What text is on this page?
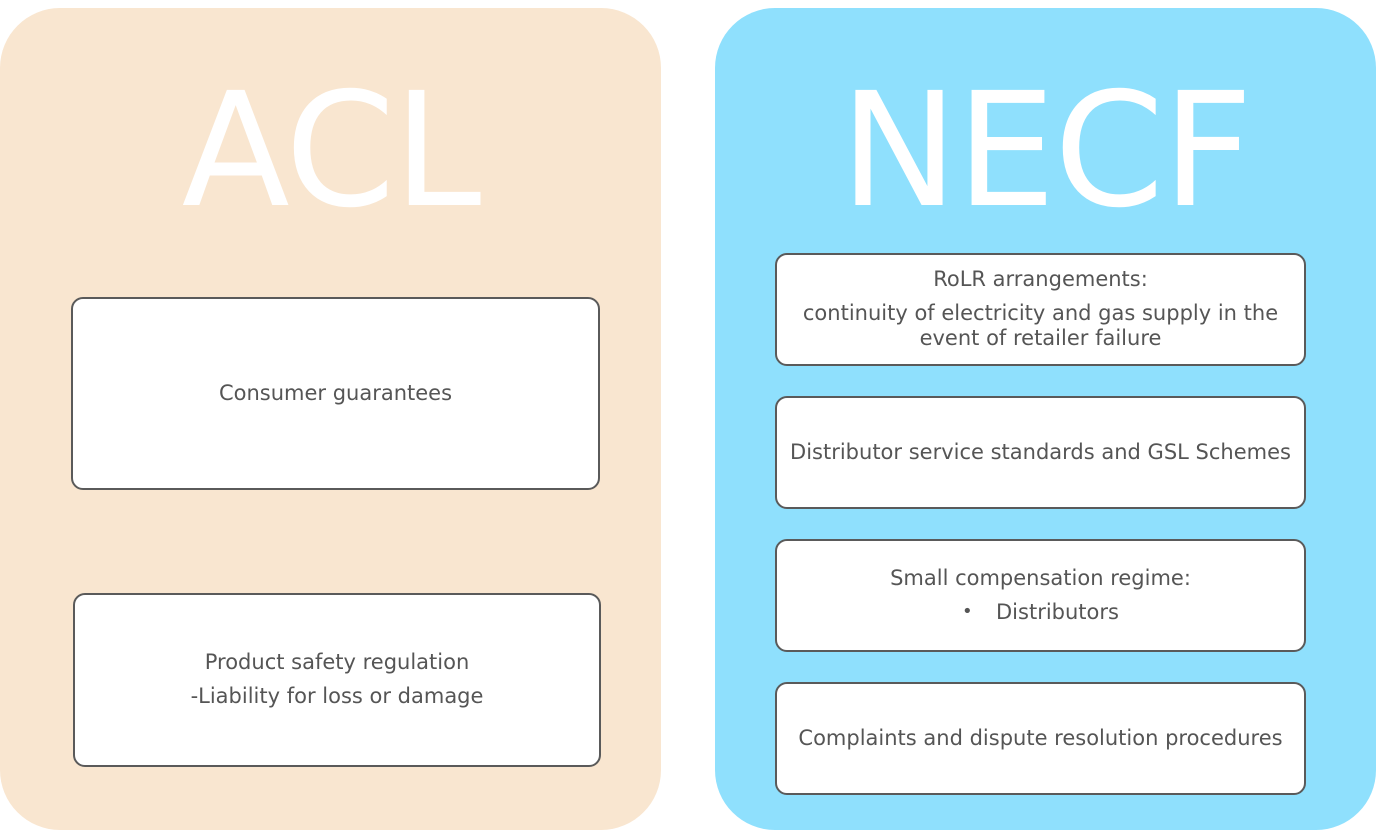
ACL
Consumer guarantees
Product safety regulation
-Liability for loss or damage
NECF
RoLR arrangements:
continuity of electricity and gas supply in the
event of retailer failure
Distributor service standards and GSL Schemes
Small compensation regime:
•	Distributors
Complaints and dispute resolution procedures
